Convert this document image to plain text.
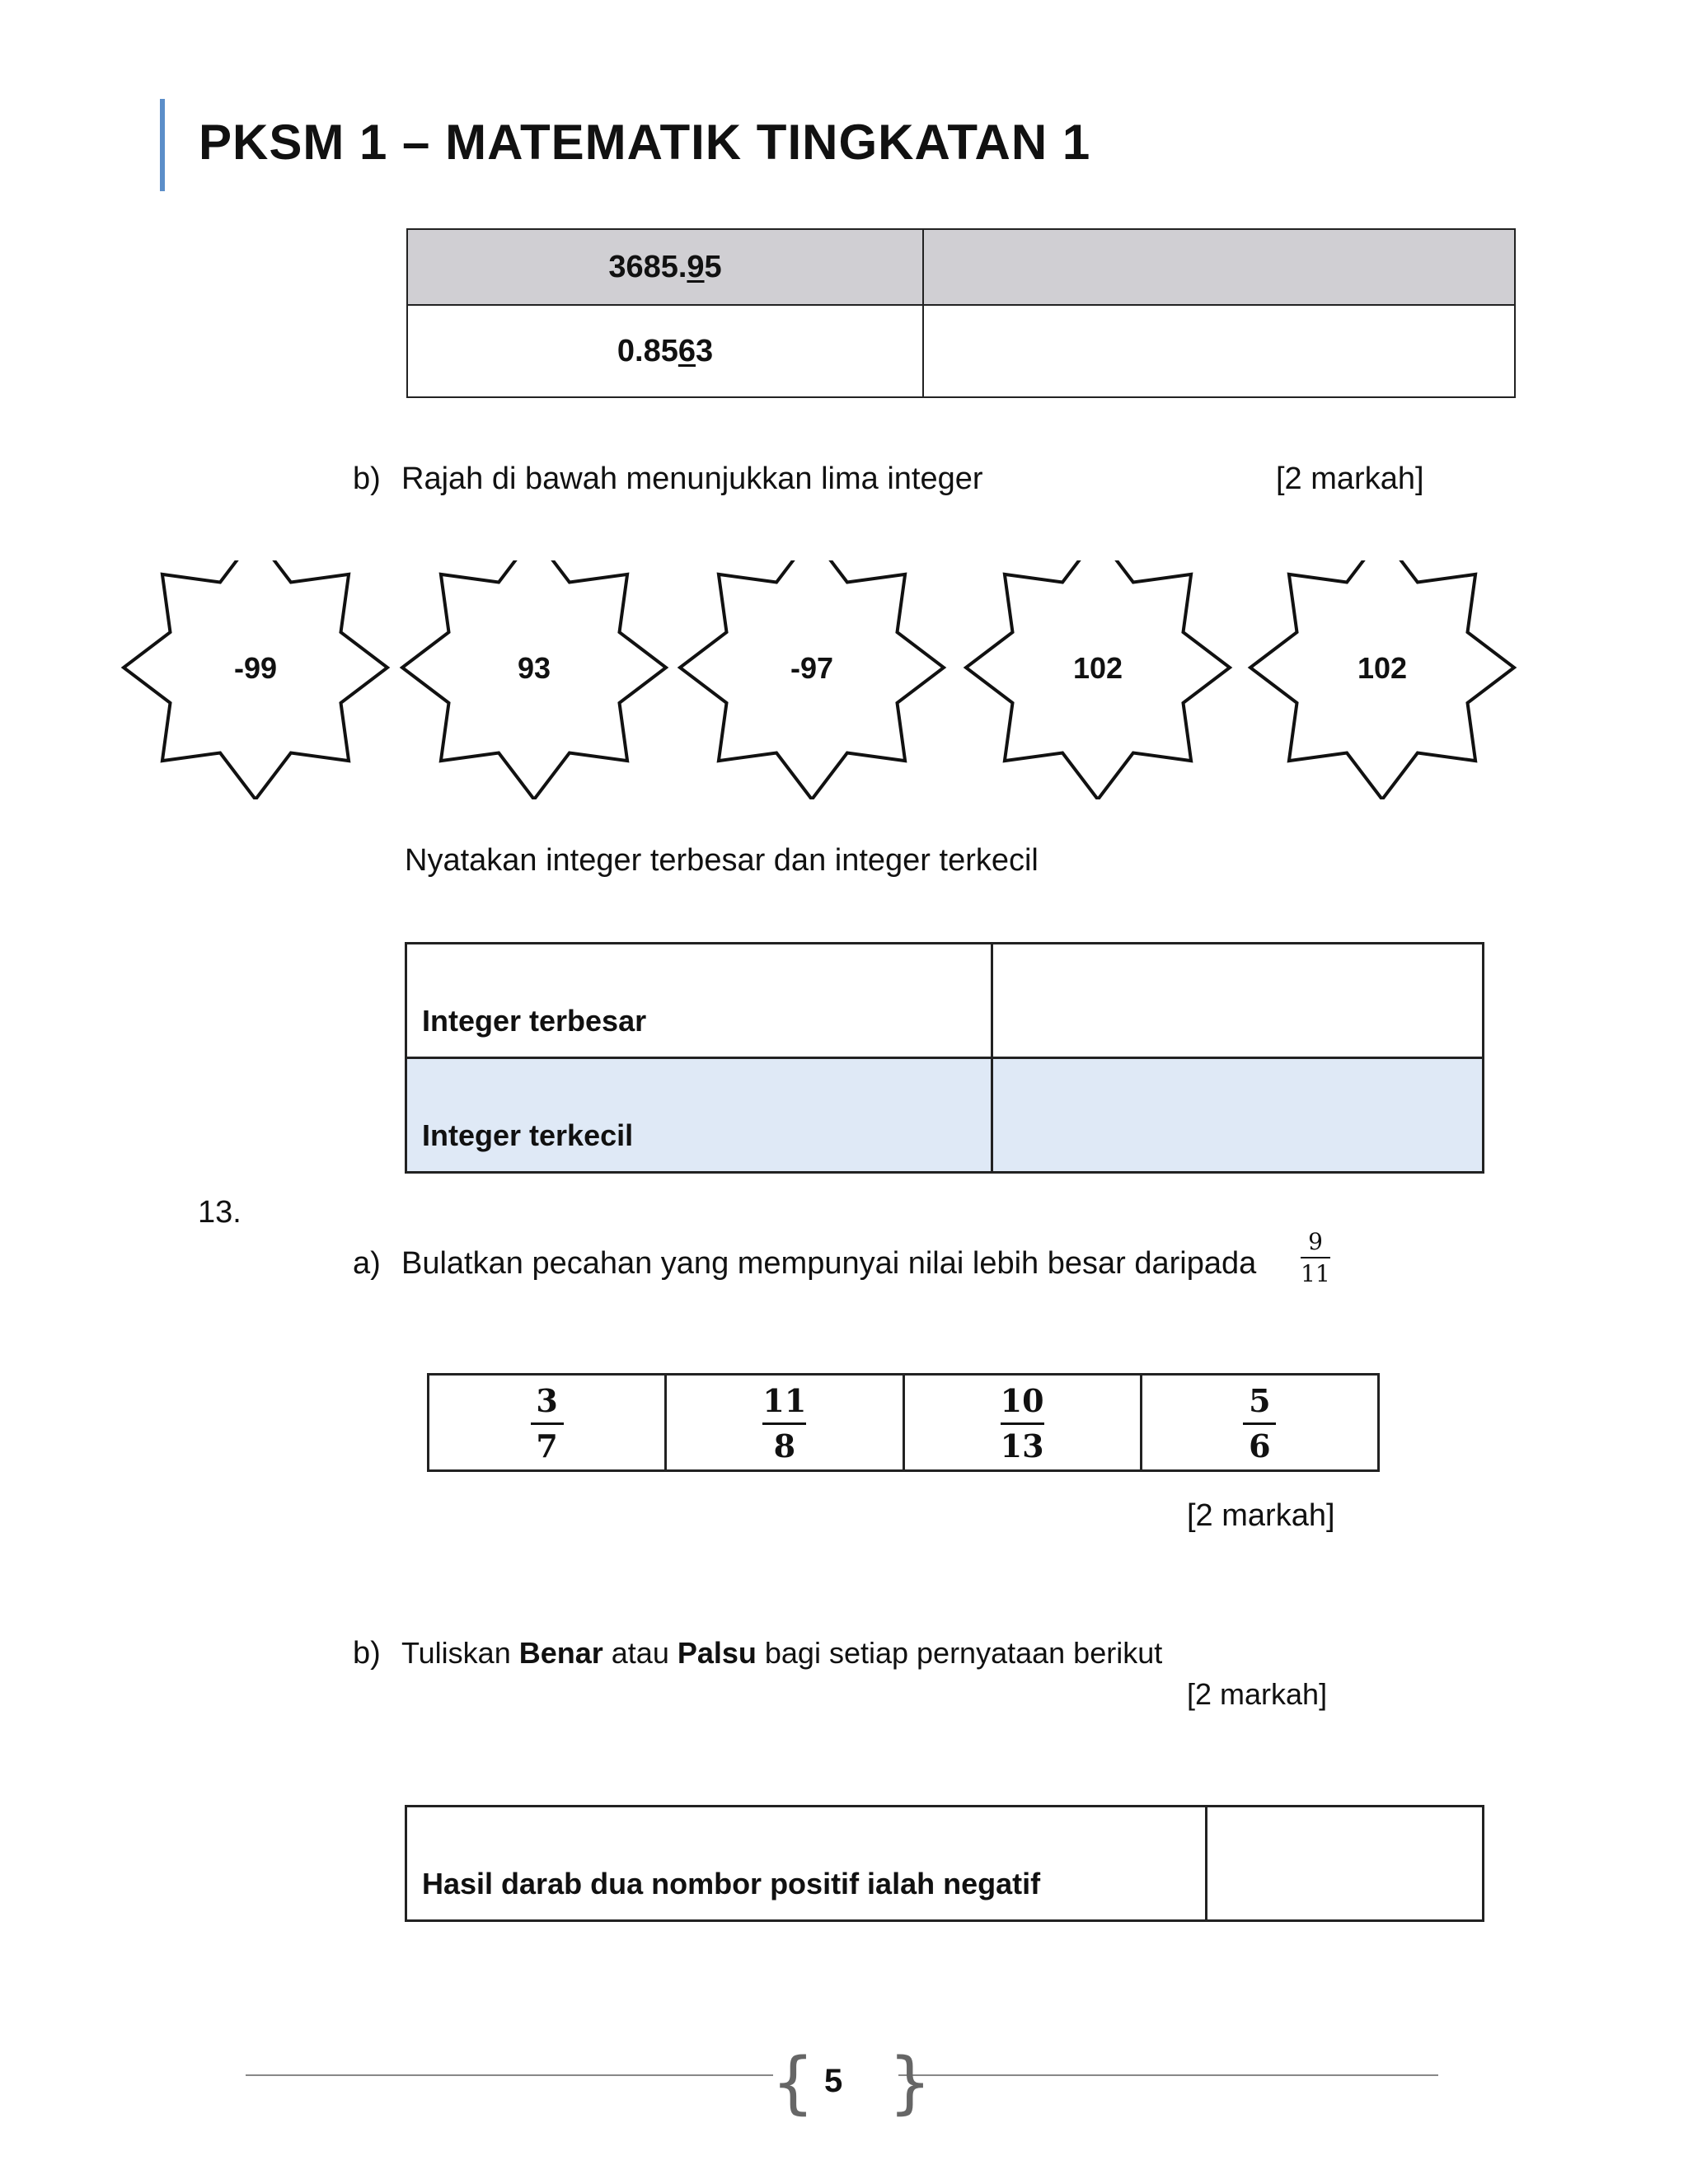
PKSM 1 – MATEMATIK TINGKATAN 1
3685.95	
0.8563	
b) Rajah di bawah menunjukkan lima integer	[2 markah]
-99	93	-97	102	102
Nyatakan integer terbesar dan integer terkecil
Integer terbesar	
Integer terkecil	
13.
a) Bulatkan pecahan yang mempunyai nilai lebih besar daripada
9
11
$\frac{3}{7}$	$\frac{11}{8}$	$\frac{10}{13}$	$\frac{5}{6}$
[2 markah]
b) Tuliskan Benar atau Palsu bagi setiap pernyataan berikut
[2 markah]
Hasil darab dua nombor positif ialah negatif	
{ }
5
